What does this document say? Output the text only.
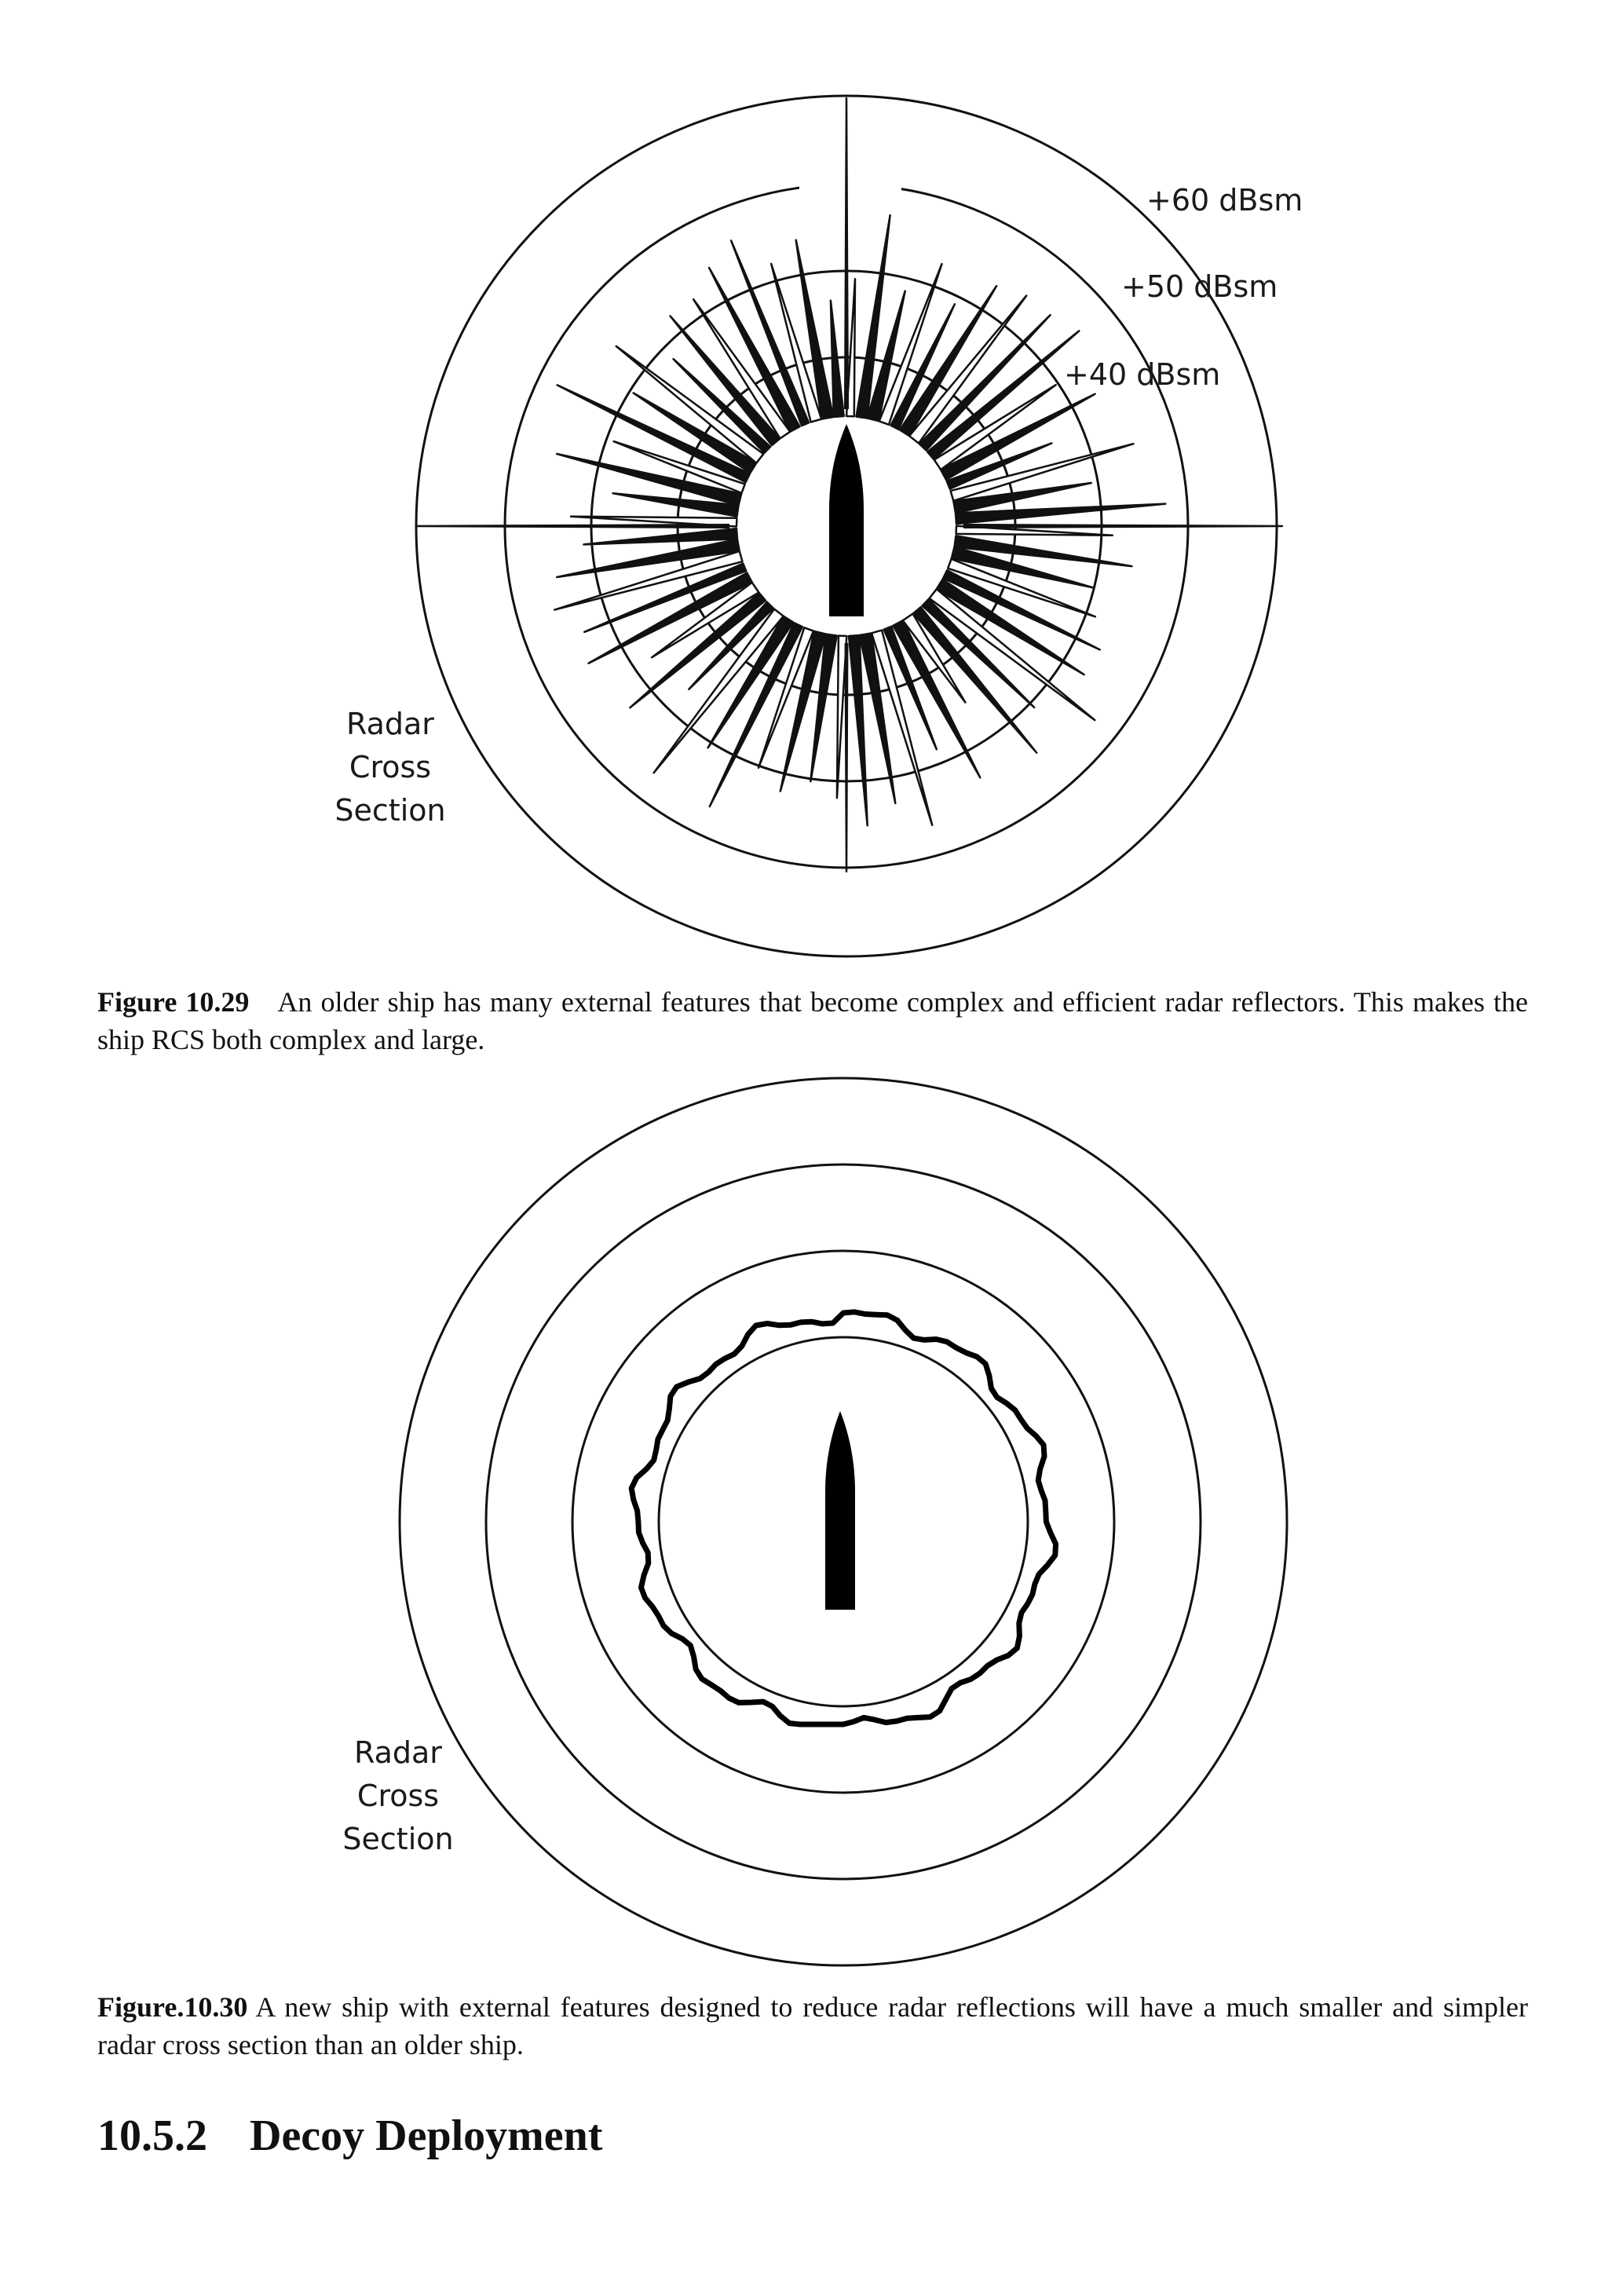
+60 dBsm
+50 dBsm
+40 dBsm
Radar
Cross
Section

Figure 10.29 An older ship has many external features that become complex and efficient radar reflectors. This makes the ship RCS both complex and large.

Radar
Cross
Section

Figure.10.30 A new ship with external features designed to reduce radar reflections will have a much smaller and simpler radar cross section than an older ship.

10.5.2 Decoy Deployment
